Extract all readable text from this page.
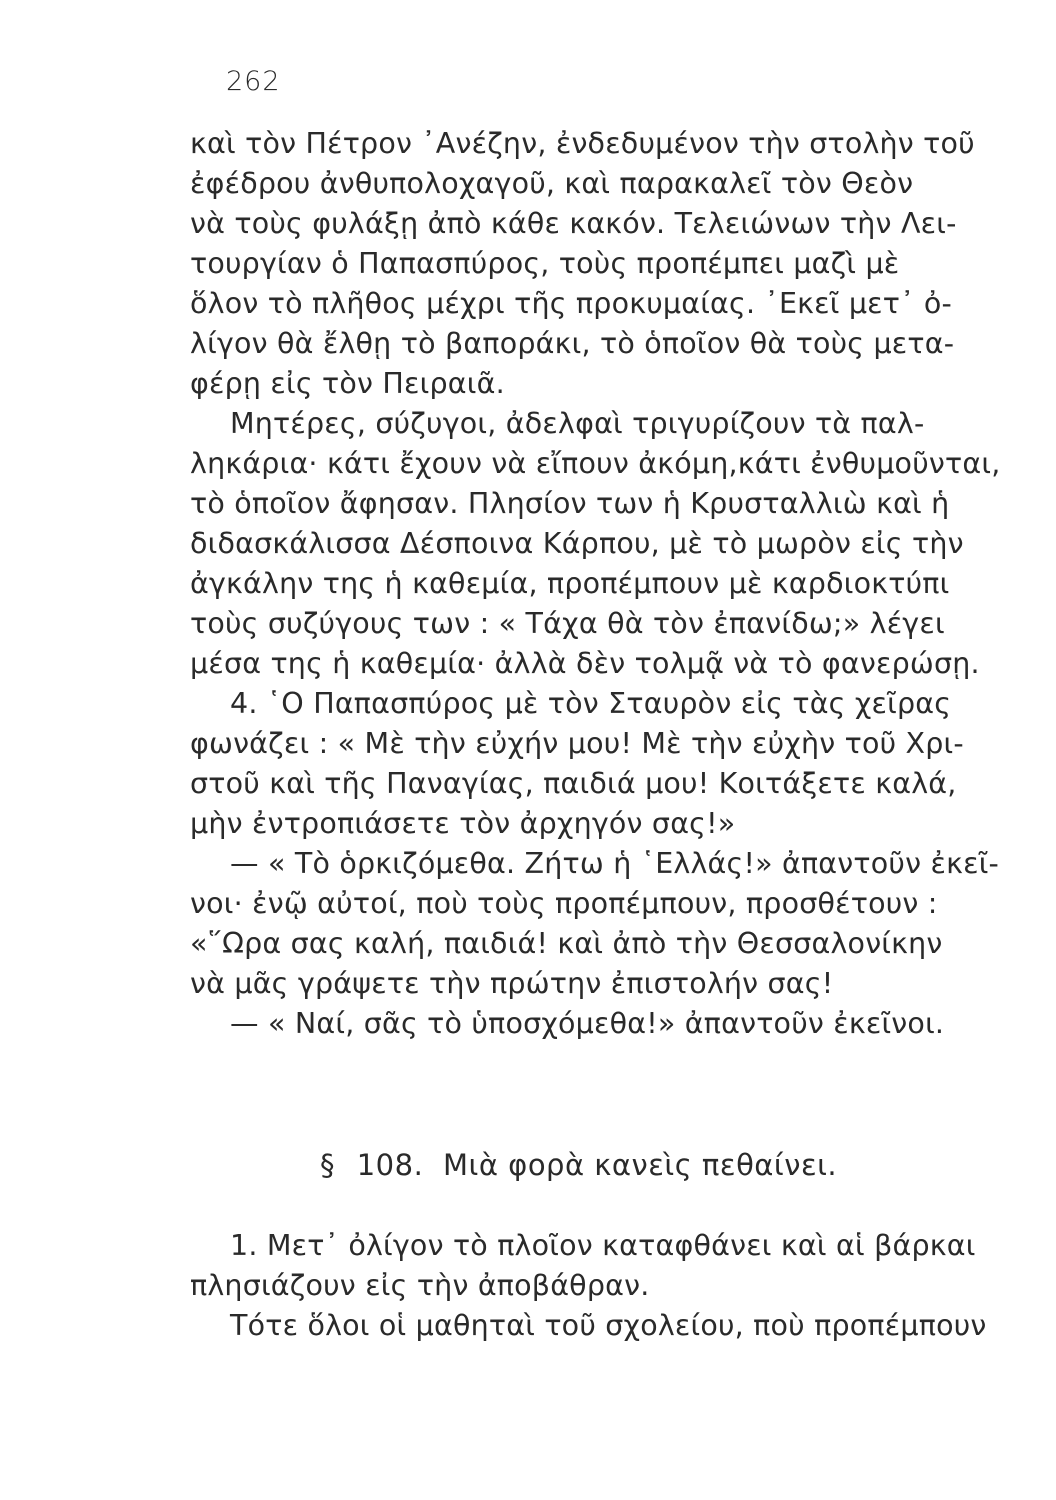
262
καὶ τὸν Πέτρον ᾿Ανέζην, ἐνδεδυμένον τὴν στολὴν τοῦ
ἐφέδρου ἀνθυπολοχαγοῦ, καὶ παρακαλεῖ τὸν Θεὸν
νὰ τοὺς φυλάξῃ ἀπὸ κάθε κακόν. Τελειώνων τὴν Λει-
τουργίαν ὁ Παπασπύρος, τοὺς προπέμπει μαζὶ μὲ
ὅλον τὸ πλῆθος μέχρι τῆς προκυμαίας. ᾿Εκεῖ μετ᾿ ὀ-
λίγον θὰ ἔλθῃ τὸ βαποράκι, τὸ ὁποῖον θὰ τοὺς μετα-
φέρῃ εἰς τὸν Πειραιᾶ.
Μητέρες, σύζυγοι, ἀδελφαὶ τριγυρίζουν τὰ παλ-
ληκάρια· κάτι ἔχουν νὰ εἴπουν ἀκόμη,κάτι ἐνθυμοῦνται,
τὸ ὁποῖον ἄφησαν. Πλησίον των ἡ Κρυσταλλιὼ καὶ ἡ
διδασκάλισσα Δέσποινα Κάρπου, μὲ τὸ μωρὸν εἰς τὴν
ἀγκάλην της ἡ καθεμία, προπέμπουν μὲ καρδιοκτύπι
τοὺς συζύγους των : « Τάχα θὰ τὸν ἐπανίδω;» λέγει
μέσα της ἡ καθεμία· ἀλλὰ δὲν τολμᾷ νὰ τὸ φανερώσῃ.
4. ῾Ο Παπασπύρος μὲ τὸν Σταυρὸν εἰς τὰς χεῖρας
φωνάζει : « Μὲ τὴν εὐχήν μου! Μὲ τὴν εὐχὴν τοῦ Χρι-
στοῦ καὶ τῆς Παναγίας, παιδιά μου! Κοιτάξετε καλά,
μὴν ἐντροπιάσετε τὸν ἀρχηγόν σας!»
— « Τὸ ὁρκιζόμεθα. Ζήτω ἡ ῾Ελλάς!» ἀπαντοῦν ἐκεῖ-
νοι· ἐνῷ αὐτοί, ποὺ τοὺς προπέμπουν, προσθέτουν :
«῞Ωρα σας καλή, παιδιά! καὶ ἀπὸ τὴν Θεσσαλονίκην
νὰ μᾶς γράψετε τὴν πρώτην ἐπιστολήν σας!
— « Ναί, σᾶς τὸ ὑποσχόμεθα!» ἀπαντοῦν ἐκεῖνοι.
§ 108. Μιὰ φορὰ κανεὶς πεθαίνει.
1. Μετ᾿ ὀλίγον τὸ πλοῖον καταφθάνει καὶ αἱ βάρκαι
πλησιάζουν εἰς τὴν ἀποβάθραν.
Τότε ὅλοι οἱ μαθηταὶ τοῦ σχολείου, ποὺ προπέμπουν
